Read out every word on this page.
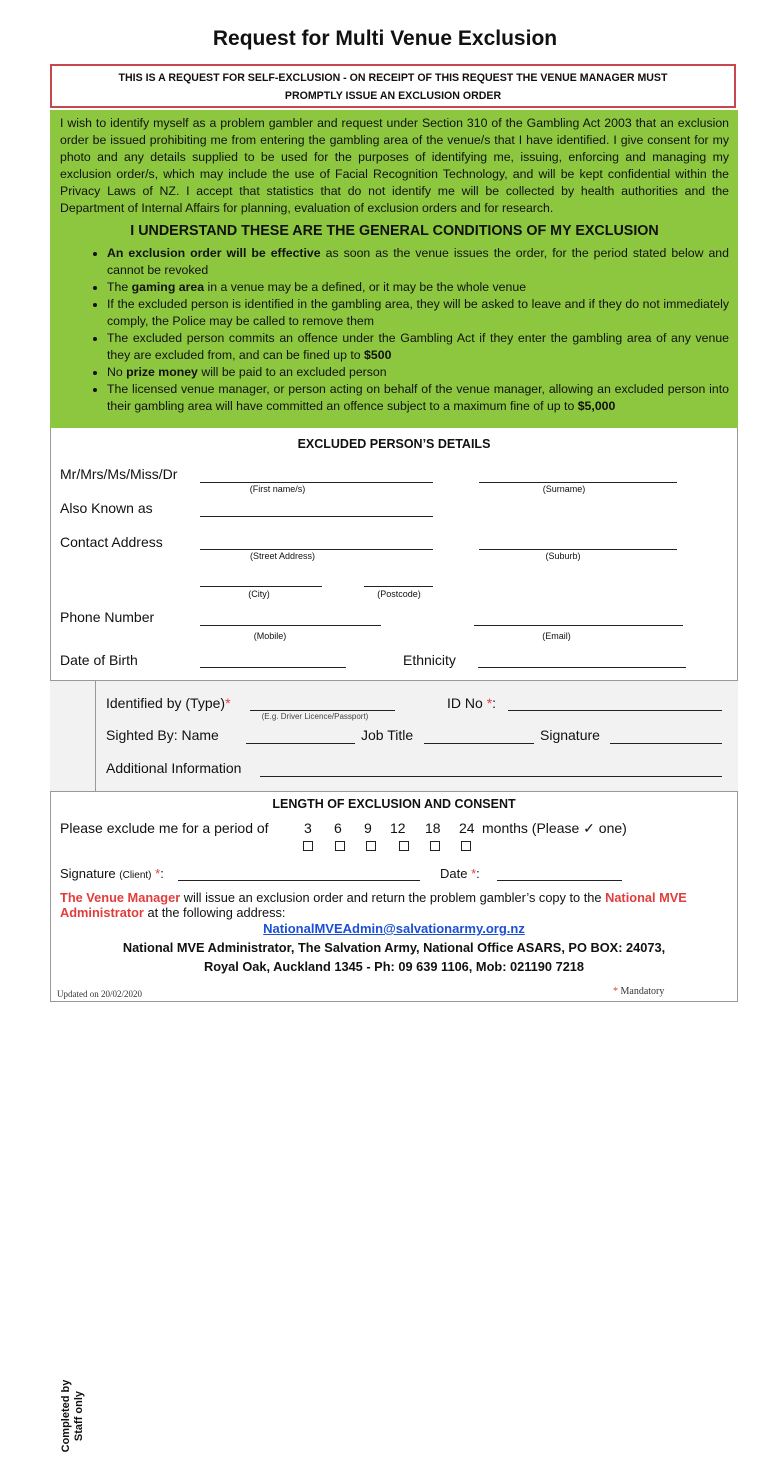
Request for Multi Venue Exclusion
THIS IS A REQUEST FOR SELF-EXCLUSION - ON RECEIPT OF THIS REQUEST THE VENUE MANAGER MUST
PROMPTLY ISSUE AN EXCLUSION ORDER
I wish to identify myself as a problem gambler and request under Section 310 of the Gambling Act 2003 that an exclusion order be issued prohibiting me from entering the gambling area of the venue/s that I have identified. I give consent for my photo and any details supplied to be used for the purposes of identifying me, issuing, enforcing and managing my exclusion order/s, which may include the use of Facial Recognition Technology, and will be kept confidential within the Privacy Laws of NZ. I accept that statistics that do not identify me will be collected by health authorities and the Department of Internal Affairs for planning, evaluation of exclusion orders and for research.
I UNDERSTAND THESE ARE THE GENERAL CONDITIONS OF MY EXCLUSION
• An exclusion order will be effective as soon as the venue issues the order, for the period stated below and cannot be revoked
• The gaming area in a venue may be a defined, or it may be the whole venue
• If the excluded person is identified in the gambling area, they will be asked to leave and if they do not immediately comply, the Police may be called to remove them
• The excluded person commits an offence under the Gambling Act if they enter the gambling area of any venue they are excluded from, and can be fined up to $500
• No prize money will be paid to an excluded person
• The licensed venue manager, or person acting on behalf of the venue manager, allowing an excluded person into their gambling area will have committed an offence subject to a maximum fine of up to $5,000
EXCLUDED PERSON’S DETAILS
Mr/Mrs/Ms/Miss/Dr
(First name/s)	(Surname)
Also Known as
Contact Address
(Street Address)	(Suburb)
(City)	(Postcode)
Phone Number
(Mobile)	(Email)
Date of Birth	Ethnicity
Completed by Staff only
Identified by (Type)*
(E.g. Driver Licence/Passport)
ID No *:
Sighted By: Name	Job Title	Signature
Additional Information
LENGTH OF EXCLUSION AND CONSENT
Please exclude me for a period of	3 6 9 12 18 24 months (Please ✓ one)
Signature (Client) *:	Date *:
The Venue Manager will issue an exclusion order and return the problem gambler’s copy to the National MVE Administrator at the following address:
NationalMVEAdmin@salvationarmy.org.nz
National MVE Administrator, The Salvation Army, National Office ASARS, PO BOX: 24073,
Royal Oak, Auckland 1345 - Ph: 09 639 1106, Mob: 021190 7218
Updated on 20/02/2020	* Mandatory
